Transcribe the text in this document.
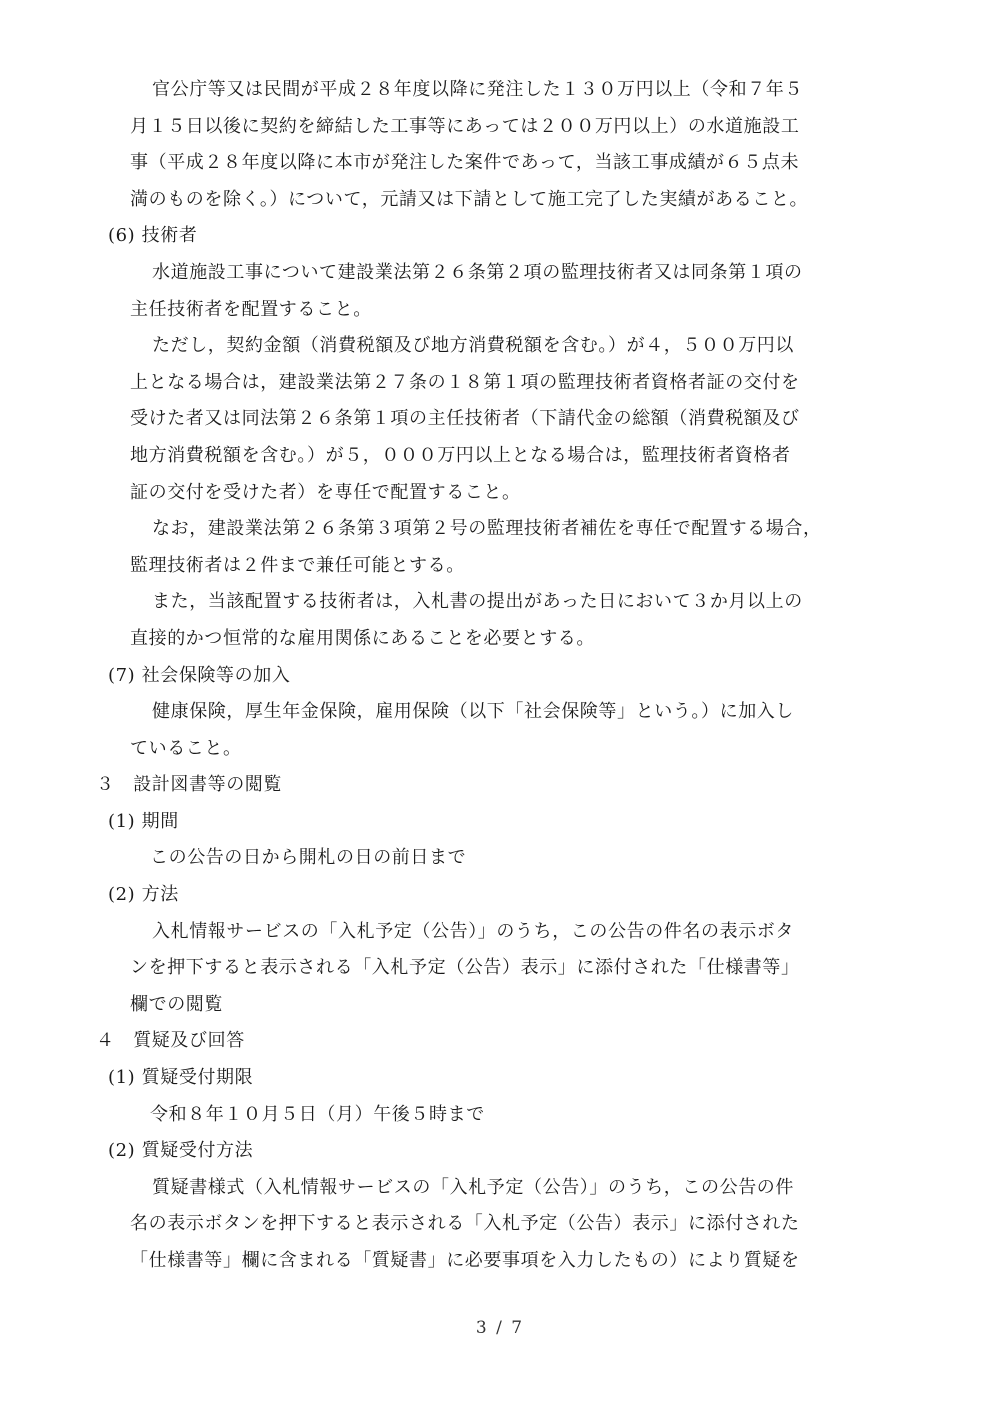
官公庁等又は民間が平成２８年度以降に発注した１３０万円以上（令和７年５
月１５日以後に契約を締結した工事等にあっては２００万円以上）の水道施設工
事（平成２８年度以降に本市が発注した案件であって，当該工事成績が６５点未
満のものを除く。）について，元請又は下請として施工完了した実績があること。
(6) 技術者
水道施設工事について建設業法第２６条第２項の監理技術者又は同条第１項の
主任技術者を配置すること。
ただし，契約金額（消費税額及び地方消費税額を含む。）が４，５００万円以
上となる場合は，建設業法第２７条の１８第１項の監理技術者資格者証の交付を
受けた者又は同法第２６条第１項の主任技術者（下請代金の総額（消費税額及び
地方消費税額を含む。）が５，０００万円以上となる場合は，監理技術者資格者
証の交付を受けた者）を専任で配置すること。
なお，建設業法第２６条第３項第２号の監理技術者補佐を専任で配置する場合，
監理技術者は２件まで兼任可能とする。
また，当該配置する技術者は，入札書の提出があった日において３か月以上の
直接的かつ恒常的な雇用関係にあることを必要とする。
(7) 社会保険等の加入
健康保険，厚生年金保険，雇用保険（以下「社会保険等」という。）に加入し
ていること。
３　設計図書等の閲覧
(1) 期間
この公告の日から開札の日の前日まで
(2) 方法
入札情報サービスの「入札予定（公告）」のうち，この公告の件名の表示ボタ
ンを押下すると表示される「入札予定（公告）表示」に添付された「仕様書等」
欄での閲覧
４　質疑及び回答
(1) 質疑受付期限
令和８年１０月５日（月）午後５時まで
(2) 質疑受付方法
質疑書様式（入札情報サービスの「入札予定（公告）」のうち，この公告の件
名の表示ボタンを押下すると表示される「入札予定（公告）表示」に添付された
「仕様書等」欄に含まれる「質疑書」に必要事項を入力したもの）により質疑を
3 / 7
